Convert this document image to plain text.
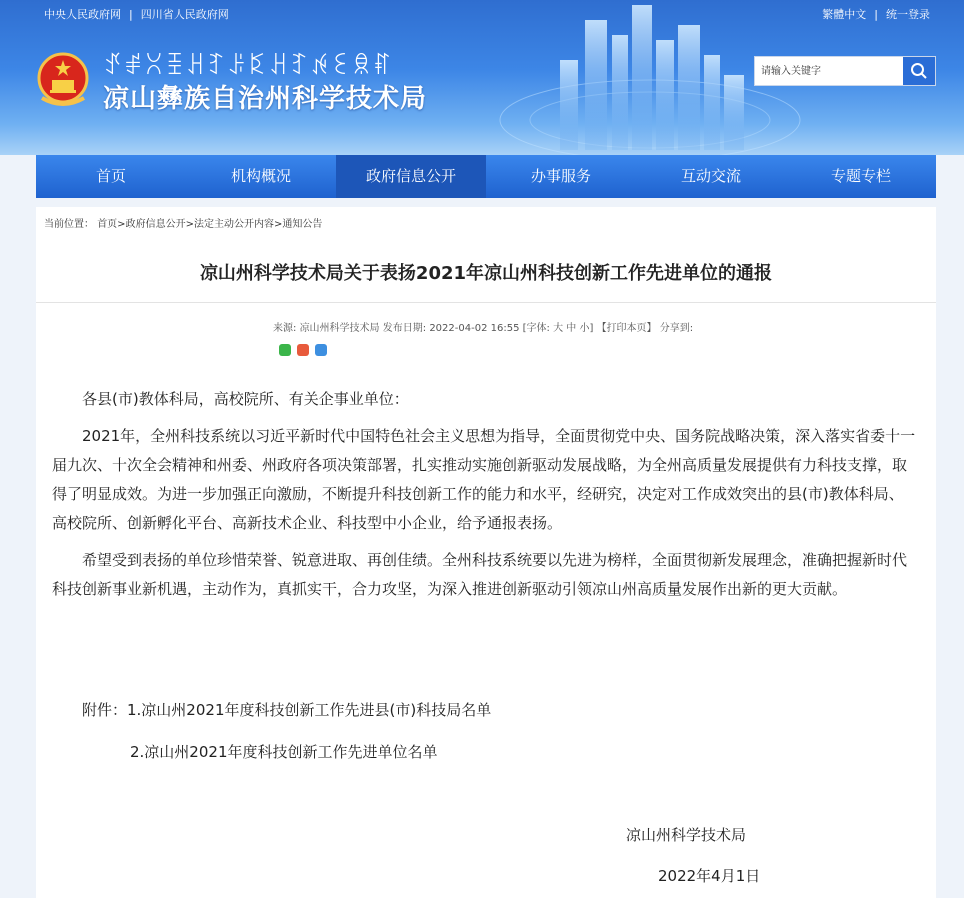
中央人民政府网 | 四川省人民政府网	繁體中文 | 统一登录
ꀋꂱꇤꀨꃅꆈꌠꌅꃅꆈꉌꏂꌋꐥ
凉山彝族自治州科学技术局
请输入关键字
首页	机构概况	政府信息公开	办事服务	互动交流	专题专栏
当前位置： 首页>政府信息公开>法定主动公开内容>通知公告
凉山州科学技术局关于表扬2021年凉山州科技创新工作先进单位的通报
来源: 凉山州科学技术局 发布日期: 2022-04-02 16:55 [字体: 大 中 小] 【打印本页】 分享到:

各县(市)教体科局，高校院所、有关企事业单位：

2021年，全州科技系统以习近平新时代中国特色社会主义思想为指导，全面贯彻党中央、国务院战略决策，深入落实省委十一届九次、十次全会精神和州委、州政府各项决策部署，扎实推动实施创新驱动发展战略，为全州高质量发展提供有力科技支撑，取得了明显成效。为进一步加强正向激励，不断提升科技创新工作的能力和水平，经研究，决定对工作成效突出的县(市)教体科局、高校院所、创新孵化平台、高新技术企业、科技型中小企业，给予通报表扬。

希望受到表扬的单位珍惜荣誉、锐意进取、再创佳绩。全州科技系统要以先进为榜样，全面贯彻新发展理念，准确把握新时代科技创新事业新机遇，主动作为，真抓实干，合力攻坚，为深入推进创新驱动引领凉山州高质量发展作出新的更大贡献。

附件：1.凉山州2021年度科技创新工作先进县(市)科技局名单
2.凉山州2021年度科技创新工作先进单位名单
凉山州科学技术局
2022年4月1日
